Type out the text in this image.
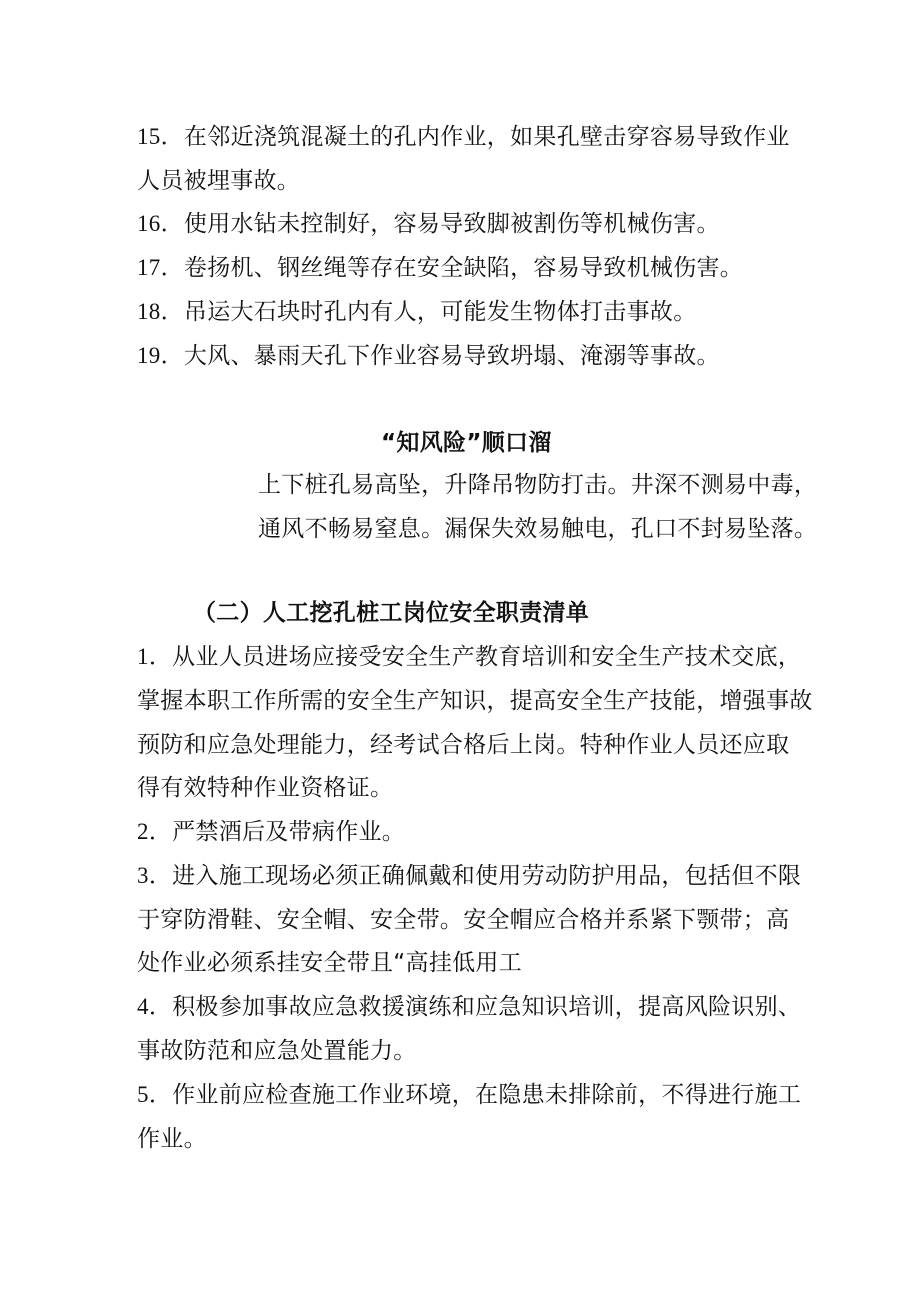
15．在邻近浇筑混凝土的孔内作业，如果孔壁击穿容易导致作业
人员被埋事故。
16．使用水钻未控制好，容易导致脚被割伤等机械伤害。
17．卷扬机、钢丝绳等存在安全缺陷，容易导致机械伤害。
18．吊运大石块时孔内有人，可能发生物体打击事故。
19．大风、暴雨天孔下作业容易导致坍塌、淹溺等事故。
“知风险”顺口溜
上下桩孔易高坠，升降吊物防打击。井深不测易中毒，
通风不畅易窒息。漏保失效易触电，孔口不封易坠落。
（二）人工挖孔桩工岗位安全职责清单
1．从业人员进场应接受安全生产教育培训和安全生产技术交底，
掌握本职工作所需的安全生产知识，提高安全生产技能，增强事故
预防和应急处理能力，经考试合格后上岗。特种作业人员还应取
得有效特种作业资格证。
2．严禁酒后及带病作业。
3．进入施工现场必须正确佩戴和使用劳动防护用品，包括但不限
于穿防滑鞋、安全帽、安全带。安全帽应合格并系紧下颚带；高
处作业必须系挂安全带且“高挂低用工
4．积极参加事故应急救援演练和应急知识培训，提高风险识别、
事故防范和应急处置能力。
5．作业前应检查施工作业环境，在隐患未排除前，不得进行施工
作业。
